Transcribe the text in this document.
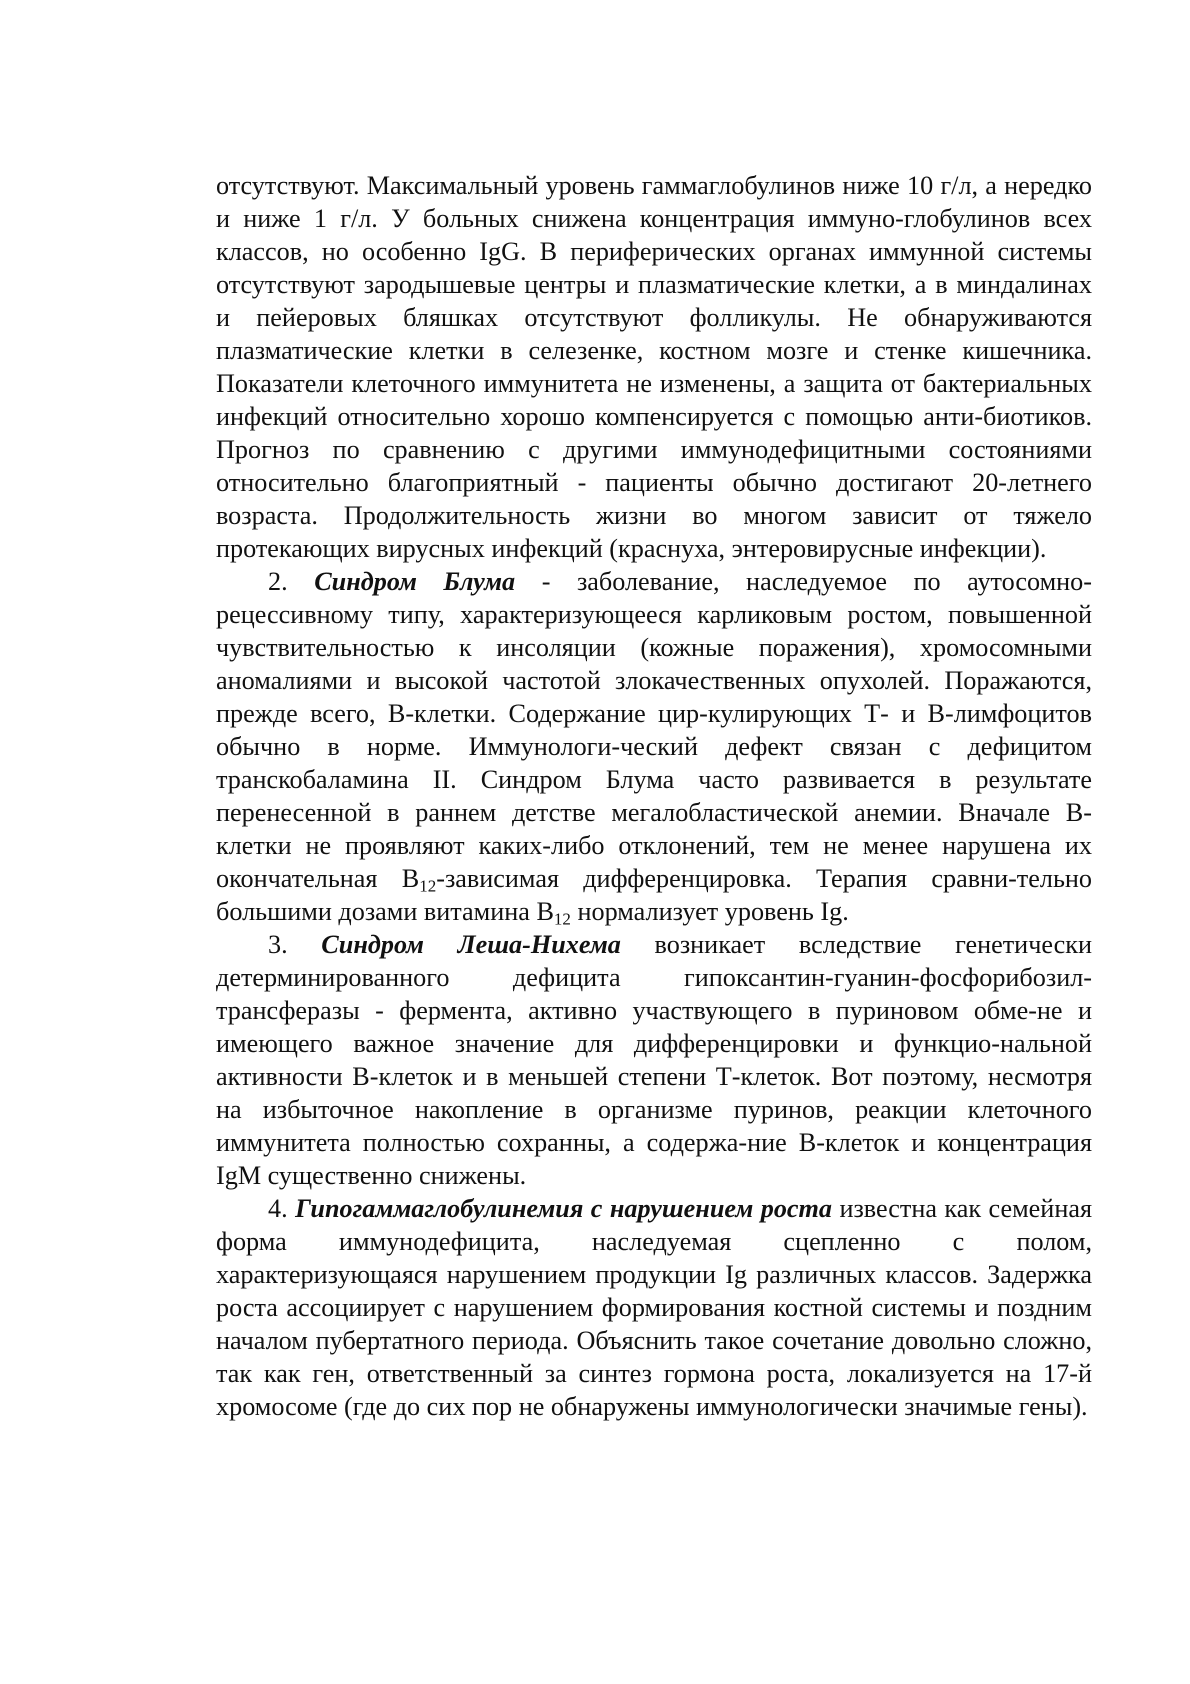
отсутствуют. Максимальный уровень гаммаглобулинов ниже 10 г/л, а нередко и ниже 1 г/л. У больных снижена концентрация иммуно-глобулинов всех классов, но особенно IgG. В периферических органах иммунной системы отсутствуют зародышевые центры и плазматические клетки, а в миндалинах и пейеровых бляшках отсутствуют фолликулы. Не обнаруживаются плазматические клетки в селезенке, костном мозге и стенке кишечника. Показатели клеточного иммунитета не изменены, а защита от бактериальных инфекций относительно хорошо компенсируется с помощью анти-биотиков. Прогноз по сравнению с другими иммунодефицитными состояниями относительно благоприятный - пациенты обычно достигают 20-летнего возраста. Продолжительность жизни во многом зависит от тяжело протекающих вирусных инфекций (краснуха, энтеровирусные инфекции).

2. Синдром Блума - заболевание, наследуемое по аутосомно-рецессивному типу, характеризующееся карликовым ростом, повышенной чувствительностью к инсоляции (кожные поражения), хромосомными аномалиями и высокой частотой злокачественных опухолей. Поражаются, прежде всего, В-клетки. Содержание цир-кулирующих Т- и В-лимфоцитов обычно в норме. Иммунологи-ческий дефект связан с дефицитом транскобаламина II. Синдром Блума часто развивается в результате перенесенной в раннем детстве мегалобластической анемии. Вначале В-клетки не проявляют каких-либо отклонений, тем не менее нарушена их окончательная $B_{12}$-зависимая дифференцировка. Терапия сравни-тельно большими дозами витамина $B_{12}$ нормализует уровень Ig.

3. Синдром Леша-Нихема возникает вследствие генетически детерминированного дефицита гипоксантин-гуанин-фосфорибозил-трансферазы - фермента, активно участвующего в пуриновом обме-не и имеющего важное значение для дифференцировки и функцио-нальной активности В-клеток и в меньшей степени Т-клеток. Вот поэтому, несмотря на избыточное накопление в организме пуринов, реакции клеточного иммунитета полностью сохранны, а содержа-ние В-клеток и концентрация IgM существенно снижены.

4. Гипогаммаглобулинемия с нарушением роста известна как семейная форма иммунодефицита, наследуемая сцепленно с полом, характеризующаяся нарушением продукции Ig различных классов. Задержка роста ассоциирует с нарушением формирования костной системы и поздним началом пубертатного периода. Объяснить такое сочетание довольно сложно, так как ген, ответственный за синтез гормона роста, локализуется на 17-й хромосоме (где до сих пор не обнаружены иммунологически значимые гены).
